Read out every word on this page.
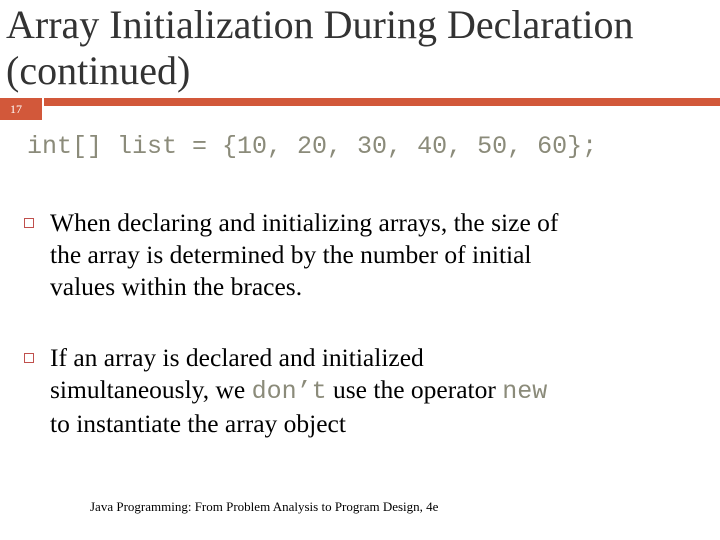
Array Initialization During Declaration
(continued)
17
int[] list = {10, 20, 30, 40, 50, 60};
When declaring and initializing arrays, the size of
the array is determined by the number of initial
values within the braces.
If an array is declared and initialized
simultaneously, we don’t use the operator new
to instantiate the array object
Java Programming: From Problem Analysis to Program Design, 4e
